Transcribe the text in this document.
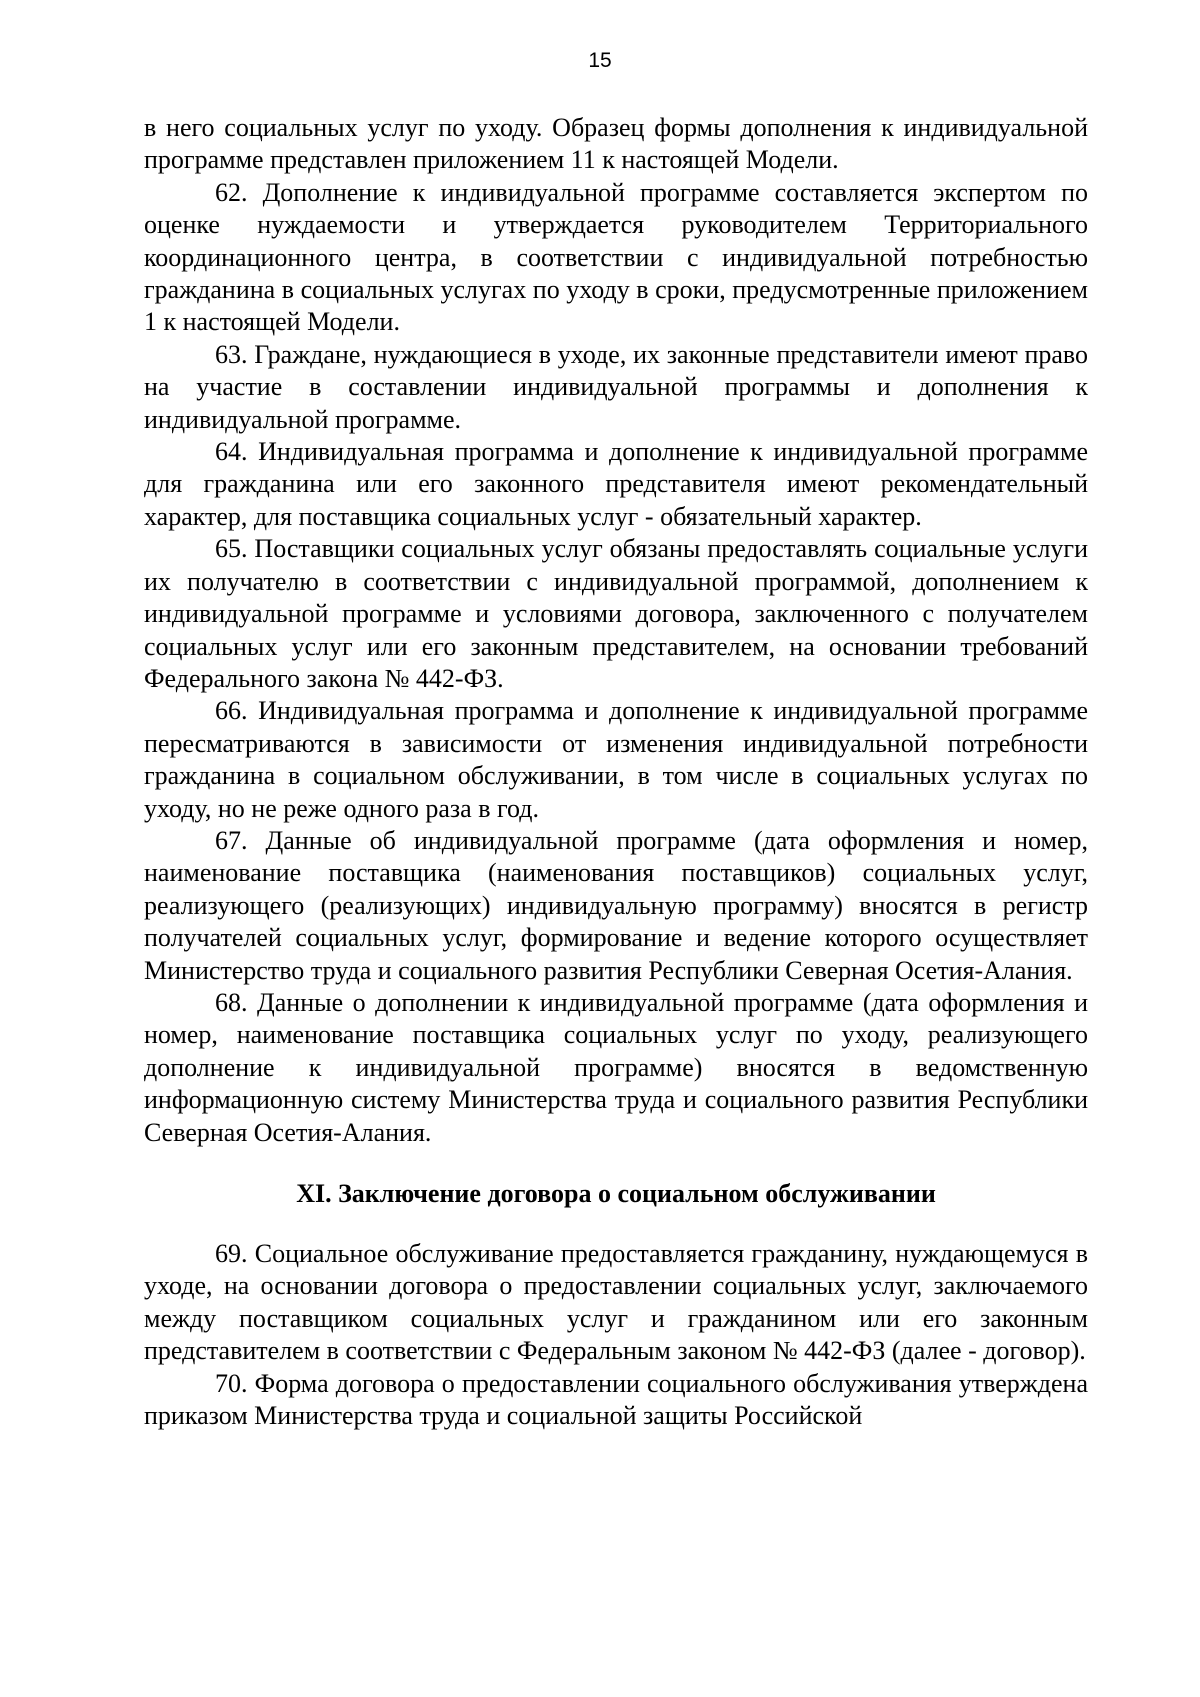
15

в него социальных услуг по уходу. Образец формы дополнения к индивидуальной программе представлен приложением 11 к настоящей Модели.

62. Дополнение к индивидуальной программе составляется экспертом по оценке нуждаемости и утверждается руководителем Территориального координационного центра, в соответствии с индивидуальной потребностью гражданина в социальных услугах по уходу в сроки, предусмотренные приложением 1 к настоящей Модели.

63. Граждане, нуждающиеся в уходе, их законные представители имеют право на участие в составлении индивидуальной программы и дополнения к индивидуальной программе.

64. Индивидуальная программа и дополнение к индивидуальной программе для гражданина или его законного представителя имеют рекомендательный характер, для поставщика социальных услуг - обязательный характер.

65. Поставщики социальных услуг обязаны предоставлять социальные услуги их получателю в соответствии с индивидуальной программой, дополнением к индивидуальной программе и условиями договора, заключенного с получателем социальных услуг или его законным представителем, на основании требований Федерального закона № 442-ФЗ.

66. Индивидуальная программа и дополнение к индивидуальной программе пересматриваются в зависимости от изменения индивидуальной потребности гражданина в социальном обслуживании, в том числе в социальных услугах по уходу, но не реже одного раза в год.

67. Данные об индивидуальной программе (дата оформления и номер, наименование поставщика (наименования поставщиков) социальных услуг, реализующего (реализующих) индивидуальную программу) вносятся в регистр получателей социальных услуг, формирование и ведение которого осуществляет Министерство труда и социального развития Республики Северная Осетия-Алания.

68. Данные о дополнении к индивидуальной программе (дата оформления и номер, наименование поставщика социальных услуг по уходу, реализующего дополнение к индивидуальной программе) вносятся в ведомственную информационную систему Министерства труда и социального развития Республики Северная Осетия-Алания.

XI. Заключение договора о социальном обслуживании

69. Социальное обслуживание предоставляется гражданину, нуждающемуся в уходе, на основании договора о предоставлении социальных услуг, заключаемого между поставщиком социальных услуг и гражданином или его законным представителем в соответствии с Федеральным законом № 442-ФЗ (далее - договор).

70. Форма договора о предоставлении социального обслуживания утверждена приказом Министерства труда и социальной защиты Российской
